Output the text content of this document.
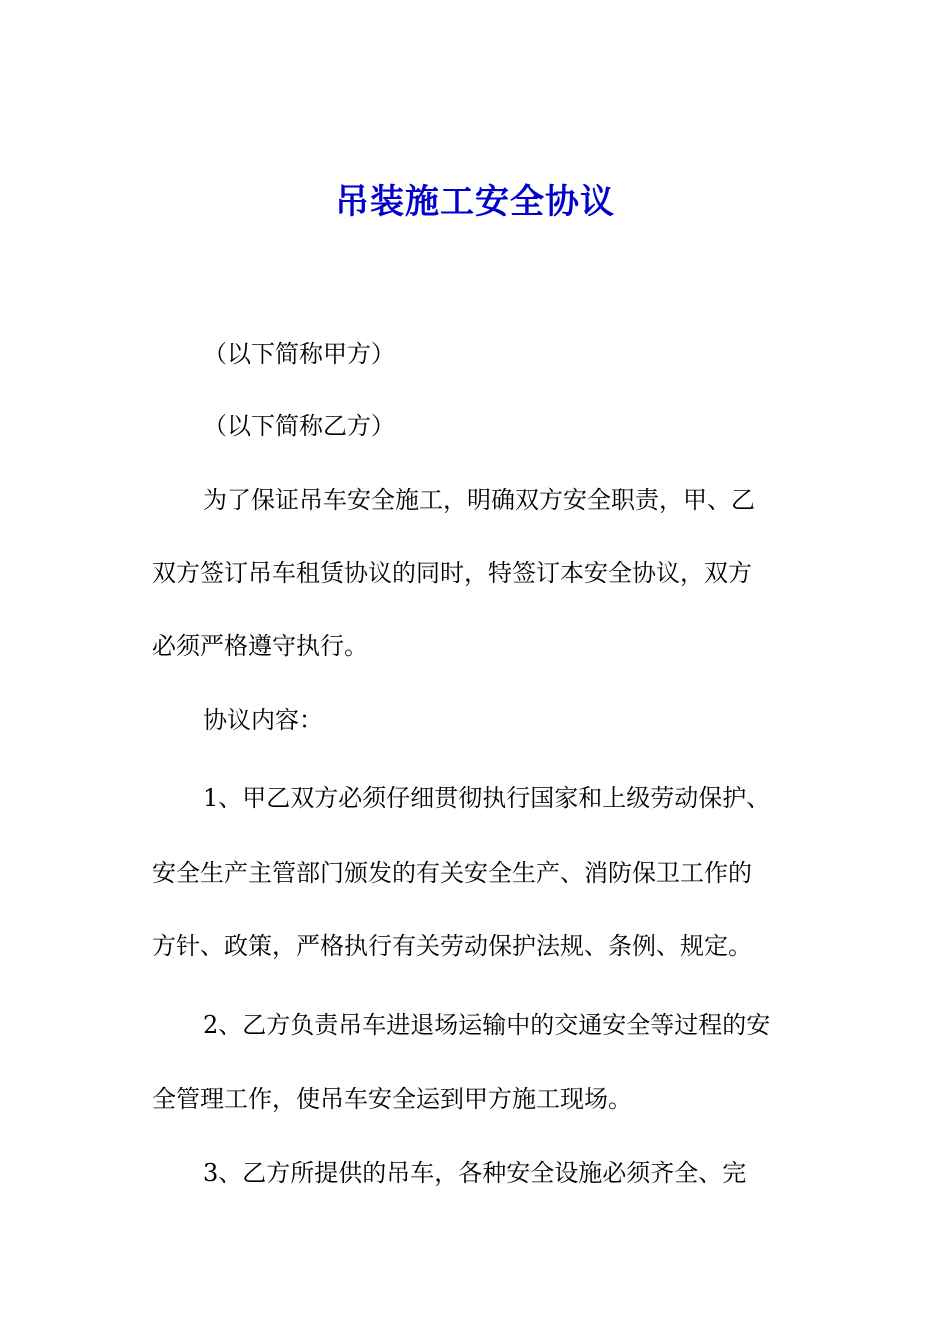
吊装施工安全协议

（以下简称甲方）

（以下简称乙方）

为了保证吊车安全施工，明确双方安全职责，甲、乙

双方签订吊车租赁协议的同时，特签订本安全协议，双方

必须严格遵守执行。

协议内容：

1、甲乙双方必须仔细贯彻执行国家和上级劳动保护、

安全生产主管部门颁发的有关安全生产、消防保卫工作的

方针、政策，严格执行有关劳动保护法规、条例、规定。

2、乙方负责吊车进退场运输中的交通安全等过程的安

全管理工作，使吊车安全运到甲方施工现场。

3、乙方所提供的吊车，各种安全设施必须齐全、完
